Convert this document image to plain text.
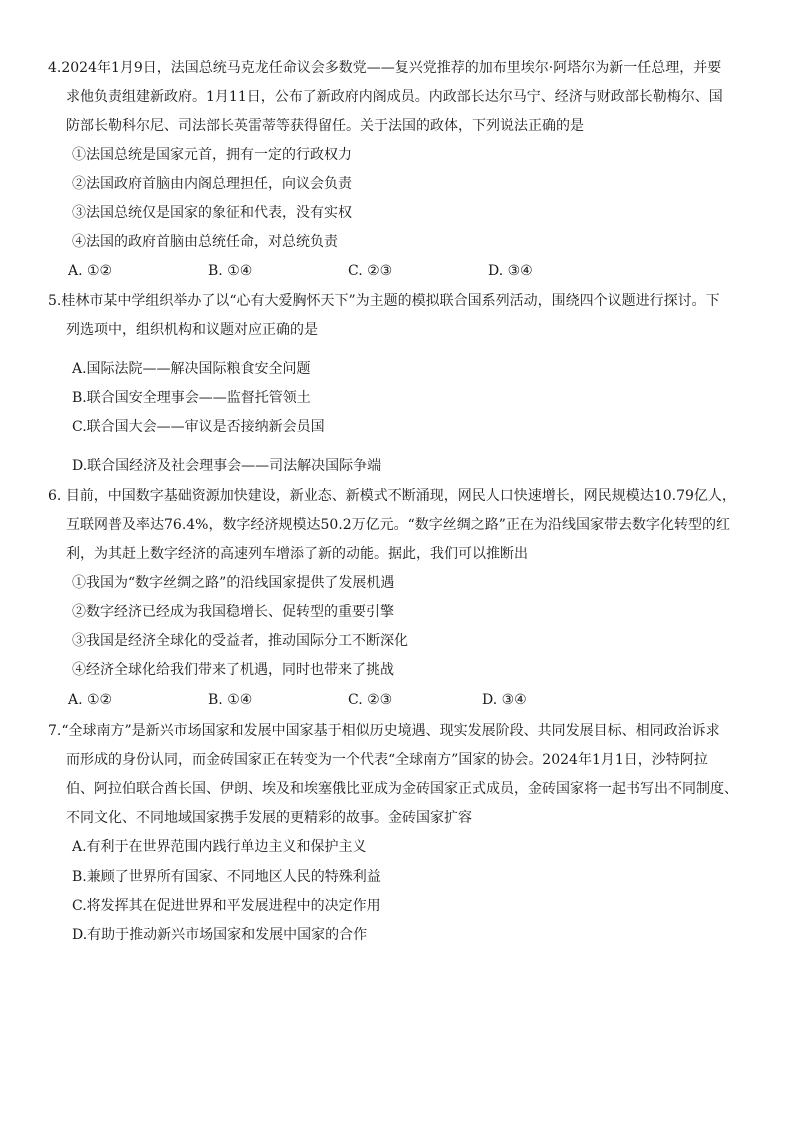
4.2024年1月9日，法国总统马克龙任命议会多数党——复兴党推荐的加布里埃尔·阿塔尔为新一任总理，并要
求他负责组建新政府。1月11日，公布了新政府内阁成员。内政部长达尔马宁、经济与财政部长勒梅尔、国
防部长勒科尔尼、司法部长英雷蒂等获得留任。关于法国的政体，下列说法正确的是
①法国总统是国家元首，拥有一定的行政权力
②法国政府首脑由内阁总理担任，向议会负责
③法国总统仅是国家的象征和代表，没有实权
④法国的政府首脑由总统任命，对总统负责
A. ①②	B. ①④	C. ②③	D. ③④
5.桂林市某中学组织举办了以“心有大爱胸怀天下”为主题的模拟联合国系列活动，围绕四个议题进行探讨。下
列选项中，组织机构和议题对应正确的是
A.国际法院——解决国际粮食安全问题
B.联合国安全理事会——监督托管领土
C.联合国大会——审议是否接纳新会员国
D.联合国经济及社会理事会——司法解决国际争端
6. 目前，中国数字基础资源加快建设，新业态、新模式不断涌现，网民人口快速增长，网民规模达10.79亿人，
互联网普及率达76.4%，数字经济规模达50.2万亿元。“数字丝绸之路”正在为沿线国家带去数字化转型的红
利，为其赶上数字经济的高速列车增添了新的动能。据此，我们可以推断出
①我国为“数字丝绸之路”的沿线国家提供了发展机遇
②数字经济已经成为我国稳增长、促转型的重要引擎
③我国是经济全球化的受益者，推动国际分工不断深化
④经济全球化给我们带来了机遇，同时也带来了挑战
A. ①②	B. ①④	C. ②③	D. ③④
7.“全球南方”是新兴市场国家和发展中国家基于相似历史境遇、现实发展阶段、共同发展目标、相同政治诉求
而形成的身份认同，而金砖国家正在转变为一个代表“全球南方”国家的协会。2024年1月1日，沙特阿拉
伯、阿拉伯联合酋长国、伊朗、埃及和埃塞俄比亚成为金砖国家正式成员，金砖国家将一起书写出不同制度、
不同文化、不同地域国家携手发展的更精彩的故事。金砖国家扩容
A.有利于在世界范围内践行单边主义和保护主义
B.兼顾了世界所有国家、不同地区人民的特殊利益
C.将发挥其在促进世界和平发展进程中的决定作用
D.有助于推动新兴市场国家和发展中国家的合作
